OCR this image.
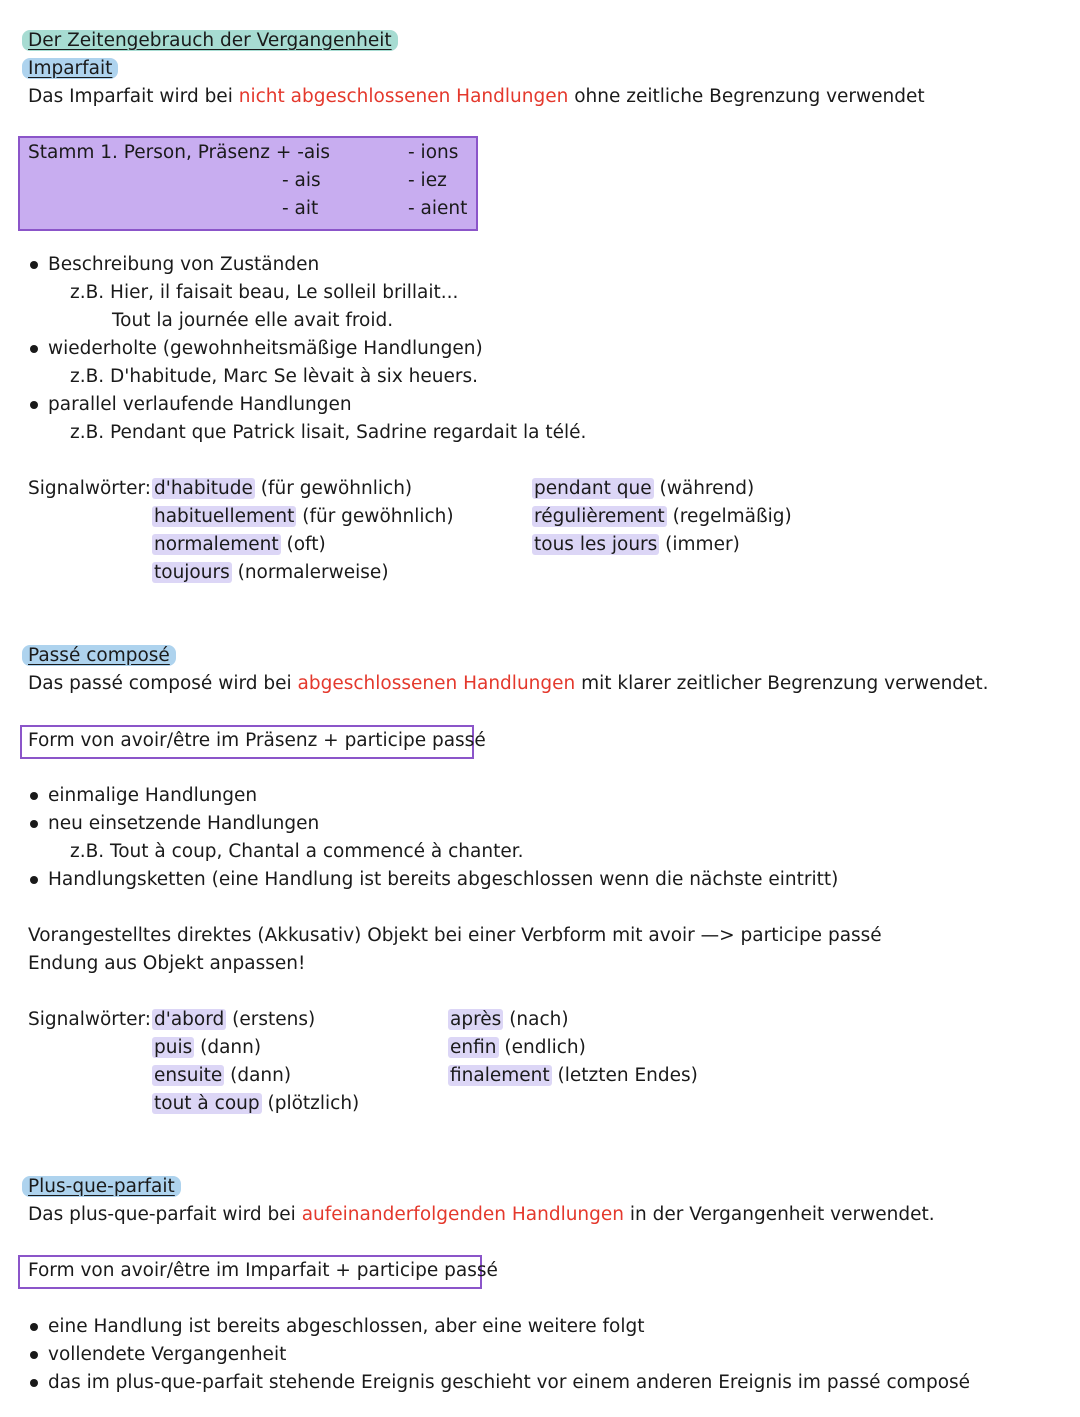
Der Zeitengebrauch der Vergangenheit
Imparfait
Das Imparfait wird bei nicht abgeschlossenen Handlungen ohne zeitliche Begrenzung verwendet
Stamm 1. Person, Präsenz + -ais
- ais
- ait
- ions
- iez
- aient
Beschreibung von Zuständen
z.B. Hier, il faisait beau, Le solleil brillait...
Tout la journée elle avait froid.
wiederholte (gewohnheitsmäßige Handlungen)
z.B. D'habitude, Marc Se lèvait à six heuers.
parallel verlaufende Handlungen
z.B. Pendant que Patrick lisait, Sadrine regardait la télé.
Signalwörter: d'habitude (für gewöhnlich)
habituellement (für gewöhnlich)
normalement (oft)
toujours (normalerweise)
pendant que (während)
régulièrement (regelmäßig)
tous les jours (immer)
Passé composé
Das passé composé wird bei abgeschlossenen Handlungen mit klarer zeitlicher Begrenzung verwendet.
Form von avoir/être im Präsenz + participe passé
einmalige Handlungen
neu einsetzende Handlungen
z.B. Tout à coup, Chantal a commencé à chanter.
Handlungsketten (eine Handlung ist bereits abgeschlossen wenn die nächste eintritt)
Vorangestelltes direktes (Akkusativ) Objekt bei einer Verbform mit avoir —> participe passé
Endung aus Objekt anpassen!
Signalwörter: d'abord (erstens)
puis (dann)
ensuite (dann)
tout à coup (plötzlich)
après (nach)
enfin (endlich)
finalement (letzten Endes)
Plus-que-parfait
Das plus-que-parfait wird bei aufeinanderfolgenden Handlungen in der Vergangenheit verwendet.
Form von avoir/être im Imparfait + participe passé
eine Handlung ist bereits abgeschlossen, aber eine weitere folgt
vollendete Vergangenheit
das im plus-que-parfait stehende Ereignis geschieht vor einem anderen Ereignis im passé composé
